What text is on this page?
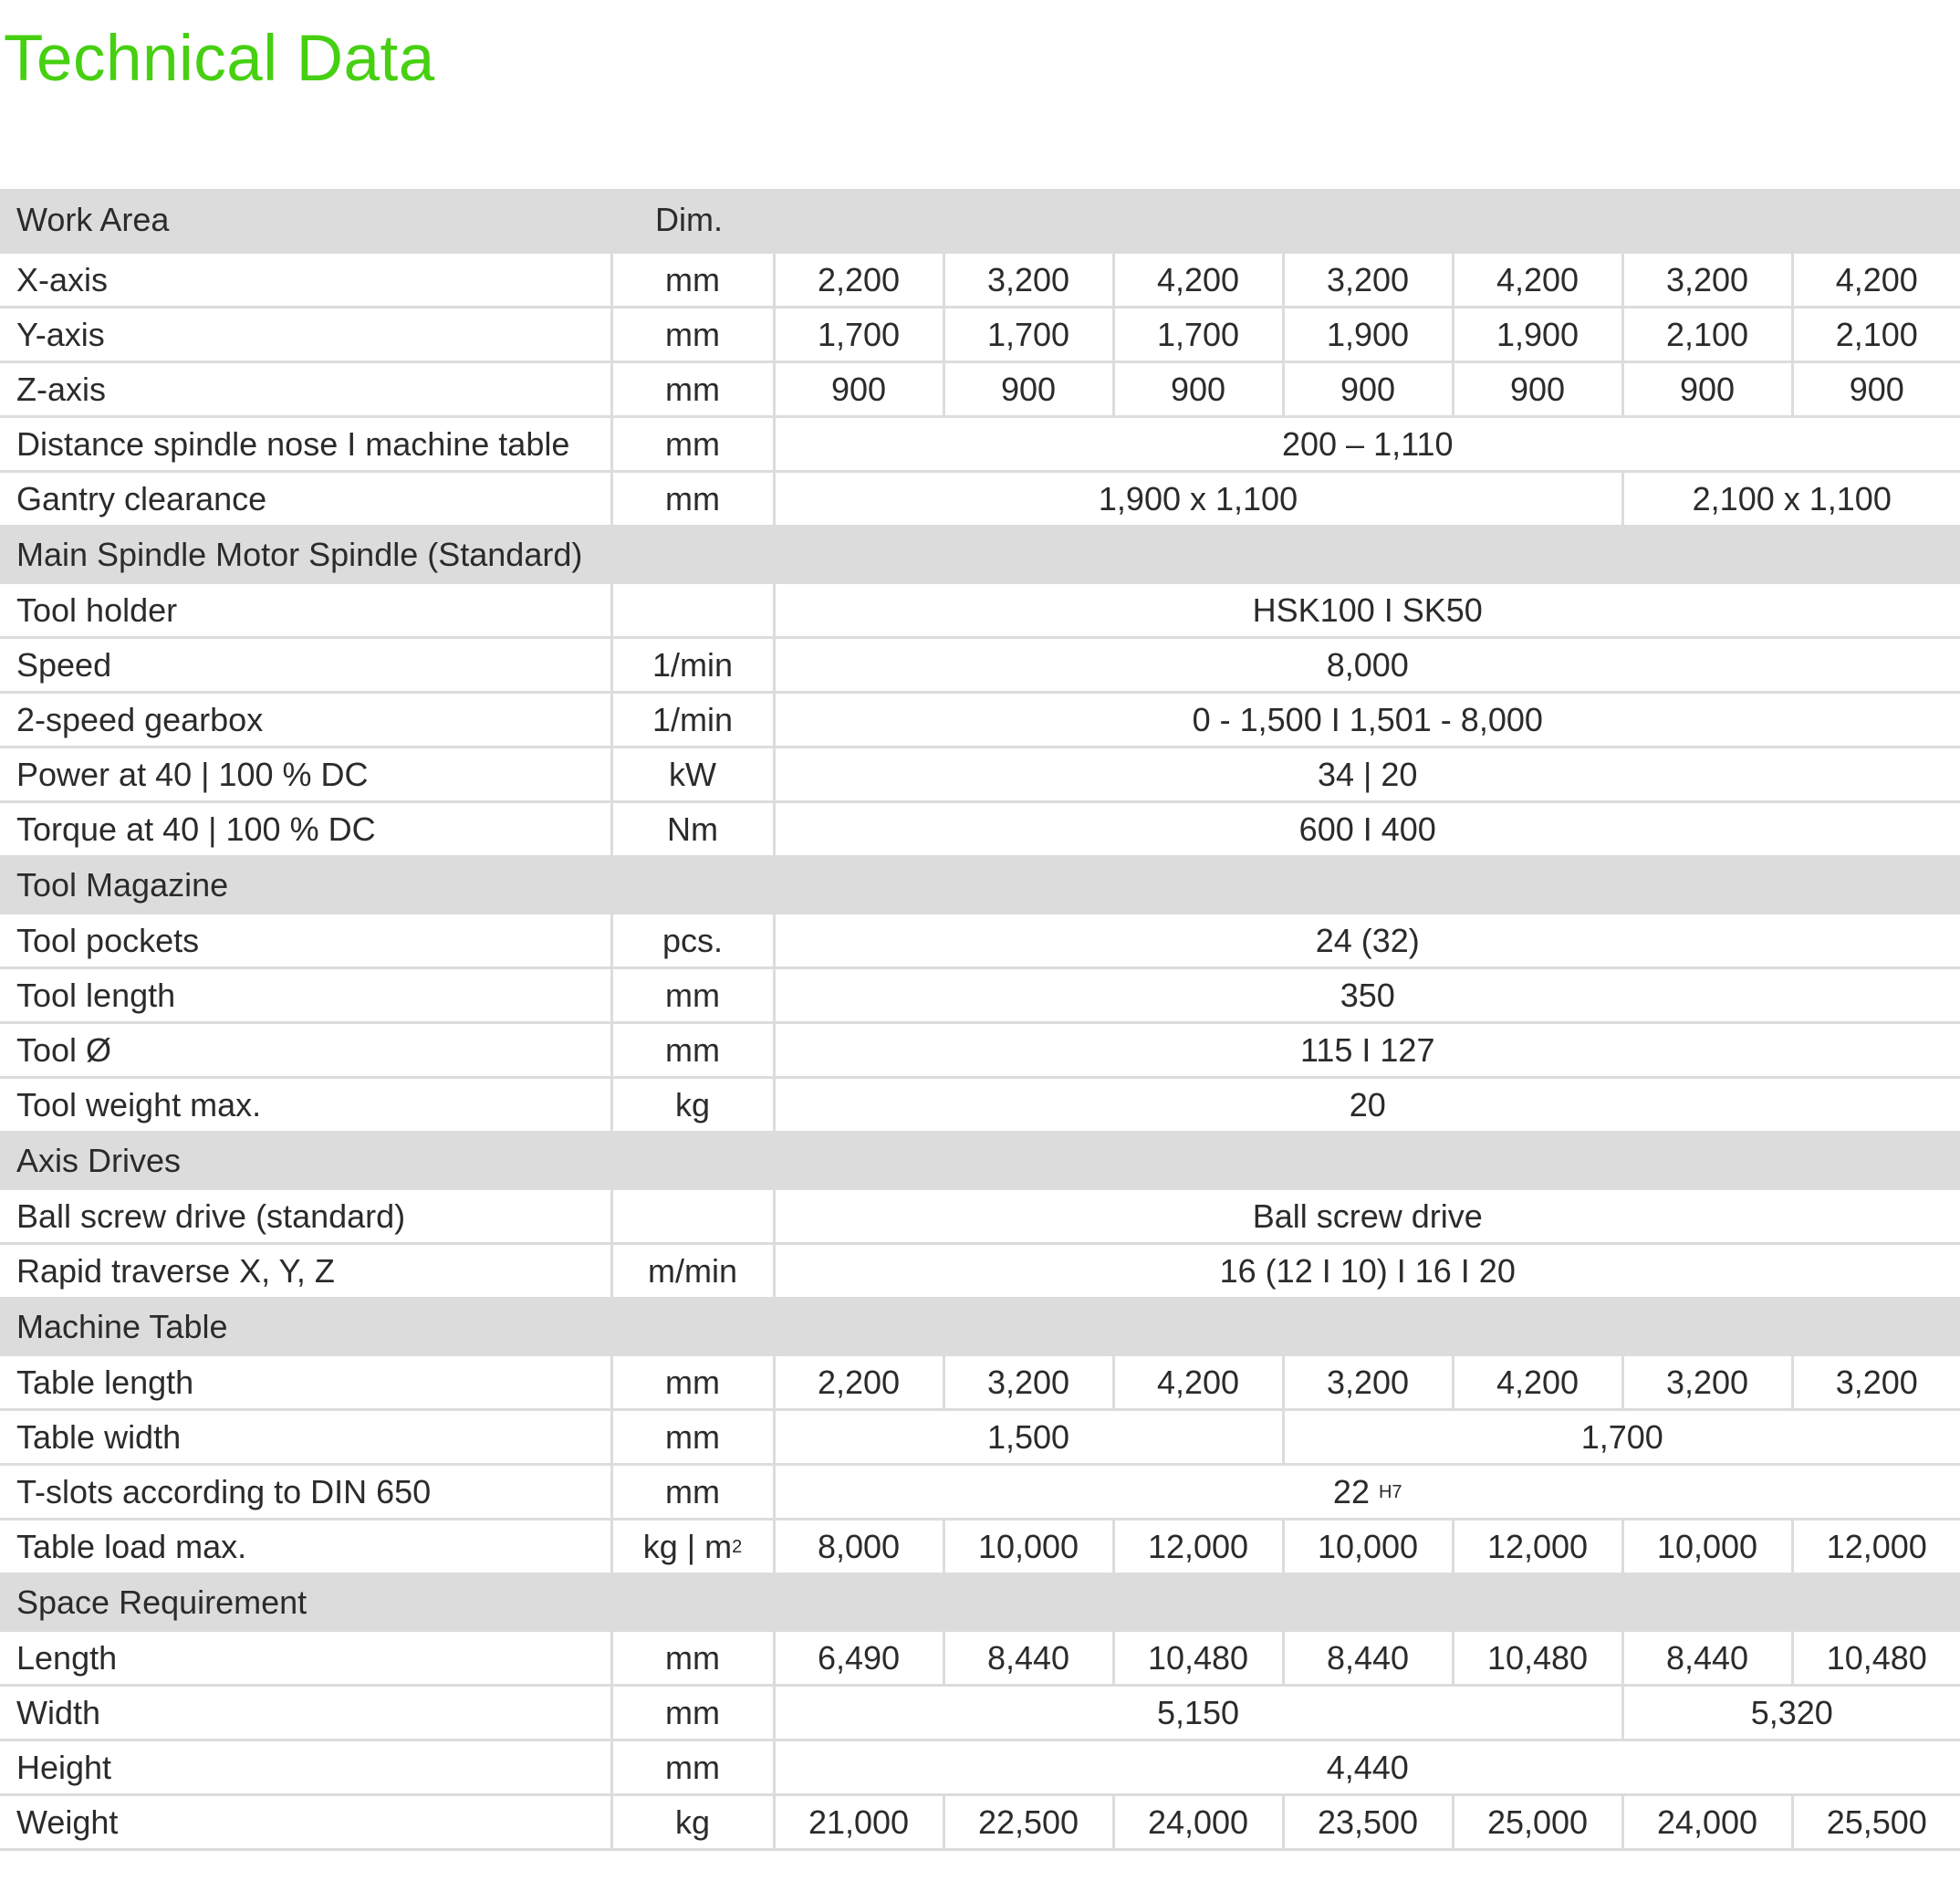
Technical Data
Work Area	Dim.							
X-axis	mm	2,200	3,200	4,200	3,200	4,200	3,200	4,200
Y-axis	mm	1,700	1,700	1,700	1,900	1,900	2,100	2,100
Z-axis	mm	900	900	900	900	900	900	900
Distance spindle nose I machine table	mm	200 – 1,110						
Gantry clearance	mm	1,900 x 1,100					2,100 x 1,100	
Main Spindle Motor Spindle (Standard)								
Tool holder		HSK100 I SK50						
Speed	1/min	8,000						
2-speed gearbox	1/min	0 - 1,500 I 1,501 - 8,000						
Power at 40 | 100 % DC	kW	34 | 20						
Torque at 40 | 100 % DC	Nm	600 I 400						
Tool Magazine								
Tool pockets	pcs.	24 (32)						
Tool length	mm	350						
Tool Ø	mm	115 I 127						
Tool weight max.	kg	20						
Axis Drives								
Ball screw drive (standard)		Ball screw drive						
Rapid traverse X, Y, Z	m/min	16 (12 I 10) I 16 I 20						
Machine Table								
Table length	mm	2,200	3,200	4,200	3,200	4,200	3,200	3,200
Table width	mm	1,500			1,700			
T-slots according to DIN 650	mm	22 $^{H7}$
Table load max.	kg | $m^2$	8,000	10,000	12,000	10,000	12,000	10,000	12,000
Space Requirement								
Length	mm	6,490	8,440	10,480	8,440	10,480	8,440	10,480
Width	mm	5,150					5,320	
Height	mm	4,440						
Weight	kg	21,000	22,500	24,000	23,500	25,000	24,000	25,500
